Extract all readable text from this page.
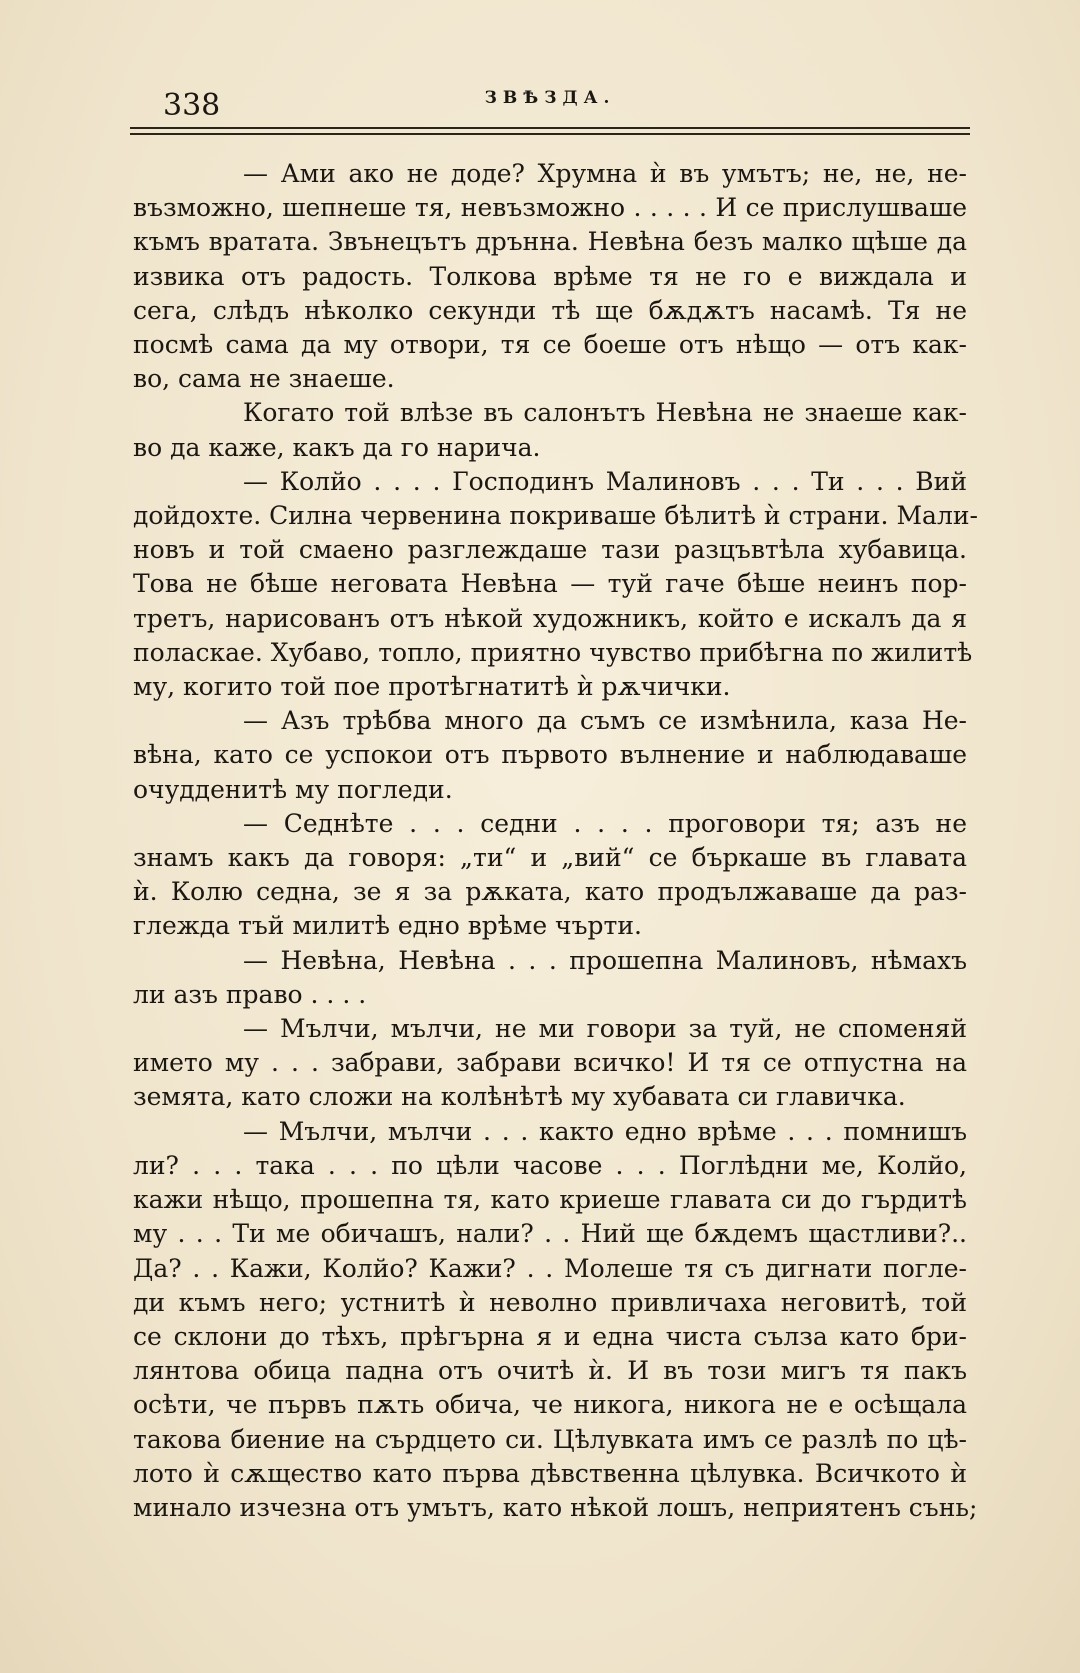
338	ЗВѢЗДА.
— Ами ако не доде? Хрумна ѝ въ умътъ; не, не, не-
възможно, шепнеше тя, невъзможно . . . . . И се прислушваше
къмъ вратата. Звънецътъ дрънна. Невѣна безъ малко щѣше да
извика отъ радость. Толкова врѣме тя не го е виждала и
сега, слѣдъ нѣколко секунди тѣ ще бѫдѫтъ насамѣ. Тя не
посмѣ сама да му отвори, тя се боеше отъ нѣщо — отъ как-
во, сама не знаеше.
Когато той влѣзе въ салонътъ Невѣна не знаеше как-
во да каже, какъ да го нарича.
— Колйо . . . . Господинъ Малиновъ . . . Ти . . . Вий
дойдохте. Силна червенина покриваше бѣлитѣ ѝ страни. Мали-
новъ и той смаено разглеждаше тази разцъвтѣла хубавица.
Това не бѣше неговата Невѣна — туй гаче бѣше неинъ пор-
третъ, нарисованъ отъ нѣкой художникъ, който е искалъ да я
поласкае. Хубаво, топло, приятно чувство прибѣгна по жилитѣ
му, когито той пое протѣгнатитѣ ѝ рѫчички.
— Азъ трѣбва много да съмъ се измѣнила, каза Не-
вѣна, като се успокои отъ първото вълнение и наблюдаваше
очудденитѣ му погледи.
— Седнѣте . . . седни . . . . проговори тя; азъ не
знамъ какъ да говоря: „ти“ и „вий“ се бъркаше въ главата
ѝ. Колю седна, зе я за рѫката, като продължаваше да раз-
глежда тъй милитѣ едно врѣме чърти.
— Невѣна, Невѣна . . . прошепна Малиновъ, нѣмахъ
ли азъ право . . . .
— Мълчи, мълчи, не ми говори за туй, не споменяй
името му . . . забрави, забрави всичко! И тя се отпустна на
земята, като сложи на колѣнѣтѣ му хубавата си главичка.
— Мълчи, мълчи . . . както едно врѣме . . . помнишъ
ли? . . . така . . . по цѣли часове . . . Поглѣдни ме, Колйо,
кажи нѣщо, прошепна тя, като криеше главата си до гърдитѣ
му . . . Ти ме обичашъ, нали? . . Ний ще бѫдемъ щастливи?..
Да? . . Кажи, Колйо? Кажи? . . Молеше тя съ дигнати погле-
ди къмъ него; устнитѣ ѝ неволно привличаха неговитѣ, той
се склони до тѣхъ, прѣгърна я и една чиста сълза като бри-
лянтова обица падна отъ очитѣ ѝ. И въ този мигъ тя пакъ
осѣти, че първъ пѫть обича, че никога, никога не е осѣщала
такова биение на сърдцето си. Цѣлувката имъ се разлѣ по цѣ-
лото ѝ сѫщество като първа дѣвственна цѣлувка. Всичкото ѝ
минало изчезна отъ умътъ, като нѣкой лошъ, неприятенъ сънь;
